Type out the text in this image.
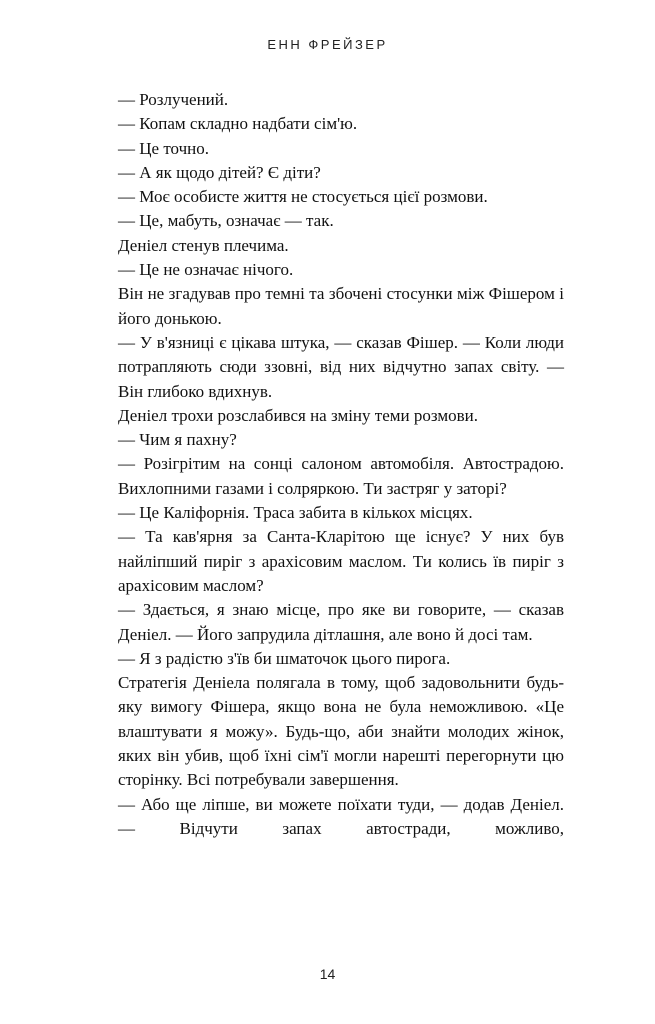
ЕНН ФРЕЙЗЕР

— Розлучений.

— Копам складно надбати сім'ю.

— Це точно.

— А як щодо дітей? Є діти?

— Моє особисте життя не стосується цієї розмови.

— Це, мабуть, означає — так.

Деніел стенув плечима.

— Це не означає нічого.

Він не згадував про темні та збочені стосунки між Фішером і його донькою.

— У в'язниці є цікава штука, — сказав Фішер. — Коли люди потрапляють сюди ззовні, від них відчутно запах світу. — Він глибоко вдихнув.

Деніел трохи розслабився на зміну теми розмови.

— Чим я пахну?

— Розігрітим на сонці салоном автомобіля. Автострадою. Вихлопними газами і солряркою. Ти застряг у заторі?

— Це Каліфорнія. Траса забита в кількох місцях.

— Та кав'ярня за Санта-Кларітою ще існує? У них був найліпший пиріг з арахісовим маслом. Ти колись їв пиріг з арахісовим маслом?

— Здається, я знаю місце, про яке ви говорите, — сказав Деніел. — Його запрудила дітлашня, але воно й досі там.

— Я з радістю з'їв би шматочок цього пирога.

Стратегія Деніела полягала в тому, щоб задовольнити будь-яку вимогу Фішера, якщо вона не була неможливою. «Це влаштувати я можу». Будь-що, аби знайти молодих жінок, яких він убив, щоб їхні сім'ї могли нарешті перегорнути цю сторінку. Всі потребували завершення.

— Або ще ліпше, ви можете поїхати туди, — додав Деніел. — Відчути запах автостради, можливо,

14
